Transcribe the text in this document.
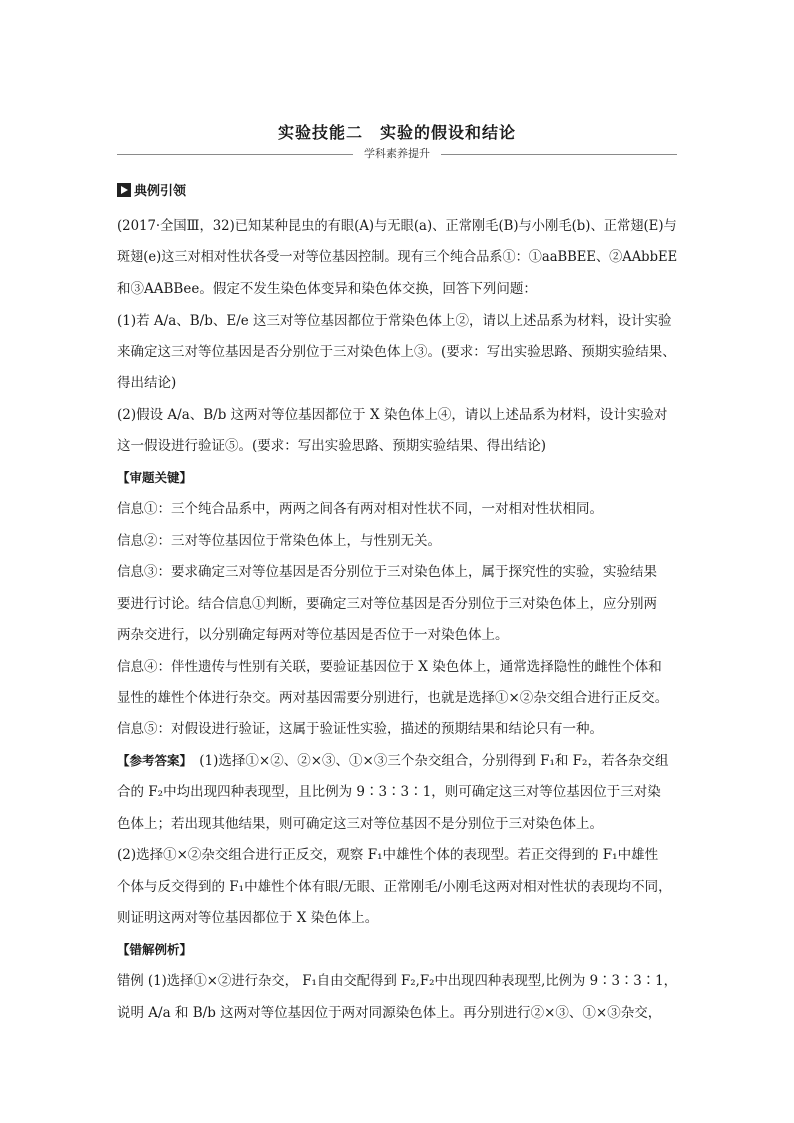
实验技能二　实验的假设和结论
学科素养提升
典例引领
(2017·全国Ⅲ，32)已知某种昆虫的有眼(A)与无眼(a)、正常刚毛(B)与小刚毛(b)、正常翅(E)与
斑翅(e)这三对相对性状各受一对等位基因控制。现有三个纯合品系①：①aaBBEE、②AAbbEE
和③AABBee。假定不发生染色体变异和染色体交换，回答下列问题：
(1)若 A/a、B/b、E/e 这三对等位基因都位于常染色体上②，请以上述品系为材料，设计实验
来确定这三对等位基因是否分别位于三对染色体上③。(要求：写出实验思路、预期实验结果、
得出结论)
(2)假设 A/a、B/b 这两对等位基因都位于 X 染色体上④，请以上述品系为材料，设计实验对
这一假设进行验证⑤。(要求：写出实验思路、预期实验结果、得出结论)
【审题关键】
信息①：三个纯合品系中，两两之间各有两对相对性状不同，一对相对性状相同。
信息②：三对等位基因位于常染色体上，与性别无关。
信息③：要求确定三对等位基因是否分别位于三对染色体上，属于探究性的实验，实验结果
要进行讨论。结合信息①判断，要确定三对等位基因是否分别位于三对染色体上，应分别两
两杂交进行，以分别确定每两对等位基因是否位于一对染色体上。
信息④：伴性遗传与性别有关联，要验证基因位于 X 染色体上，通常选择隐性的雌性个体和
显性的雄性个体进行杂交。两对基因需要分别进行，也就是选择①×②杂交组合进行正反交。
信息⑤：对假设进行验证，这属于验证性实验，描述的预期结果和结论只有一种。
【参考答案】　(1)选择①×②、②×③、①×③三个杂交组合，分别得到 F₁和 F₂，若各杂交组
合的 F₂中均出现四种表现型，且比例为 9∶3∶3∶1，则可确定这三对等位基因位于三对染
色体上；若出现其他结果，则可确定这三对等位基因不是分别位于三对染色体上。
(2)选择①×②杂交组合进行正反交，观察 F₁中雄性个体的表现型。若正交得到的 F₁中雄性
个体与反交得到的 F₁中雄性个体有眼/无眼、正常刚毛/小刚毛这两对相对性状的表现均不同，
则证明这两对等位基因都位于 X 染色体上。
【错解例析】
错例 (1)选择①×②进行杂交， F₁自由交配得到 F₂,F₂中出现四种表现型,比例为 9∶3∶3∶1，
说明 A/a 和 B/b 这两对等位基因位于两对同源染色体上。再分别进行②×③、①×③杂交，
